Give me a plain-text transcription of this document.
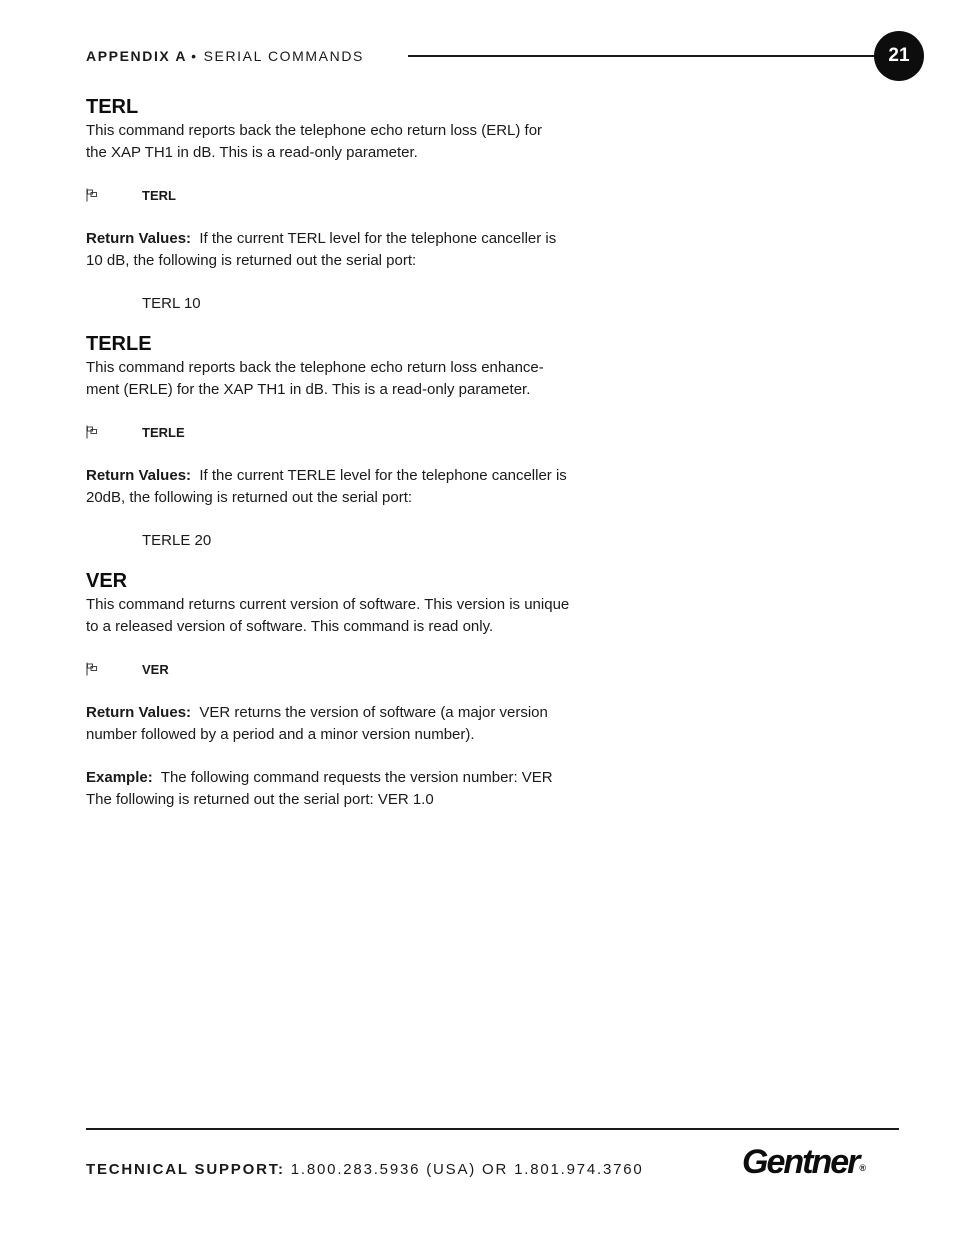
APPENDIX A • SERIAL COMMANDS	21
TERL

This command reports back the telephone echo return loss (ERL) for
the XAP TH1 in dB. This is a read-only parameter.

TERL

Return Values: If the current TERL level for the telephone canceller is
10 dB, the following is returned out the serial port:

TERL 10
TERLE

This command reports back the telephone echo return loss enhance-
ment (ERLE) for the XAP TH1 in dB. This is a read-only parameter.

TERLE

Return Values: If the current TERLE level for the telephone canceller is
20dB, the following is returned out the serial port:

TERLE 20
VER

This command returns current version of software. This version is unique
to a released version of software. This command is read only.

VER

Return Values: VER returns the version of software (a major version
number followed by a period and a minor version number).

Example: The following command requests the version number: VER
The following is returned out the serial port: VER 1.0

TECHNICAL SUPPORT: 1.800.283.5936 (USA) OR 1.801.974.3760	Gentner®
